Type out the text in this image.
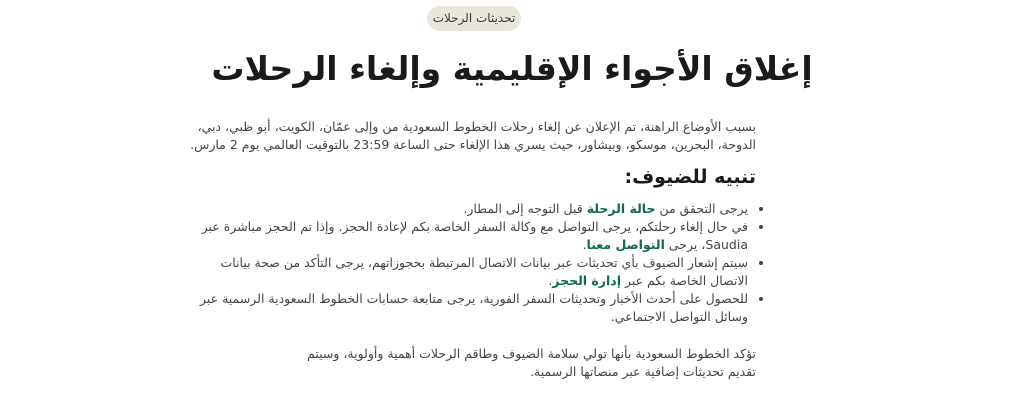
تحديثات الرحلات
إغلاق الأجواء الإقليمية وإلغاء الرحلات

بسبب الأوضاع الراهنة، تم الإعلان عن إلغاء رحلات الخطوط السعودية من وإلى عمّان، الكويت، أبو ظبي، دبي، الدوحة، البحرين، موسكو، وبيشاور، حيث يسري هذا الإلغاء حتى الساعة 23:59 بالتوقيت العالمي يوم 2 مارس.

تنبيه للضيوف:
• يرجى التحقق من حالة الرحلة قبل التوجه إلى المطار.
• في حال إلغاء رحلتكم، يرجى التواصل مع وكالة السفر الخاصة بكم لإعادة الحجز. وإذا تم الحجز مباشرة عبر Saudia، يرجى التواصل معنا.
• سيتم إشعار الضيوف بأي تحديثات عبر بيانات الاتصال المرتبطة بحجوزاتهم، يرجى التأكد من صحة بيانات الاتصال الخاصة بكم عبر إدارة الحجز.
• للحصول على أحدث الأخبار وتحديثات السفر الفورية، يرجى متابعة حسابات الخطوط السعودية الرسمية عبر وسائل التواصل الاجتماعي.

تؤكد الخطوط السعودية بأنها تولي سلامة الضيوف وطاقم الرحلات أهمية وأولوية، وسيتم تقديم تحديثات إضافية عبر منصاتها الرسمية.
